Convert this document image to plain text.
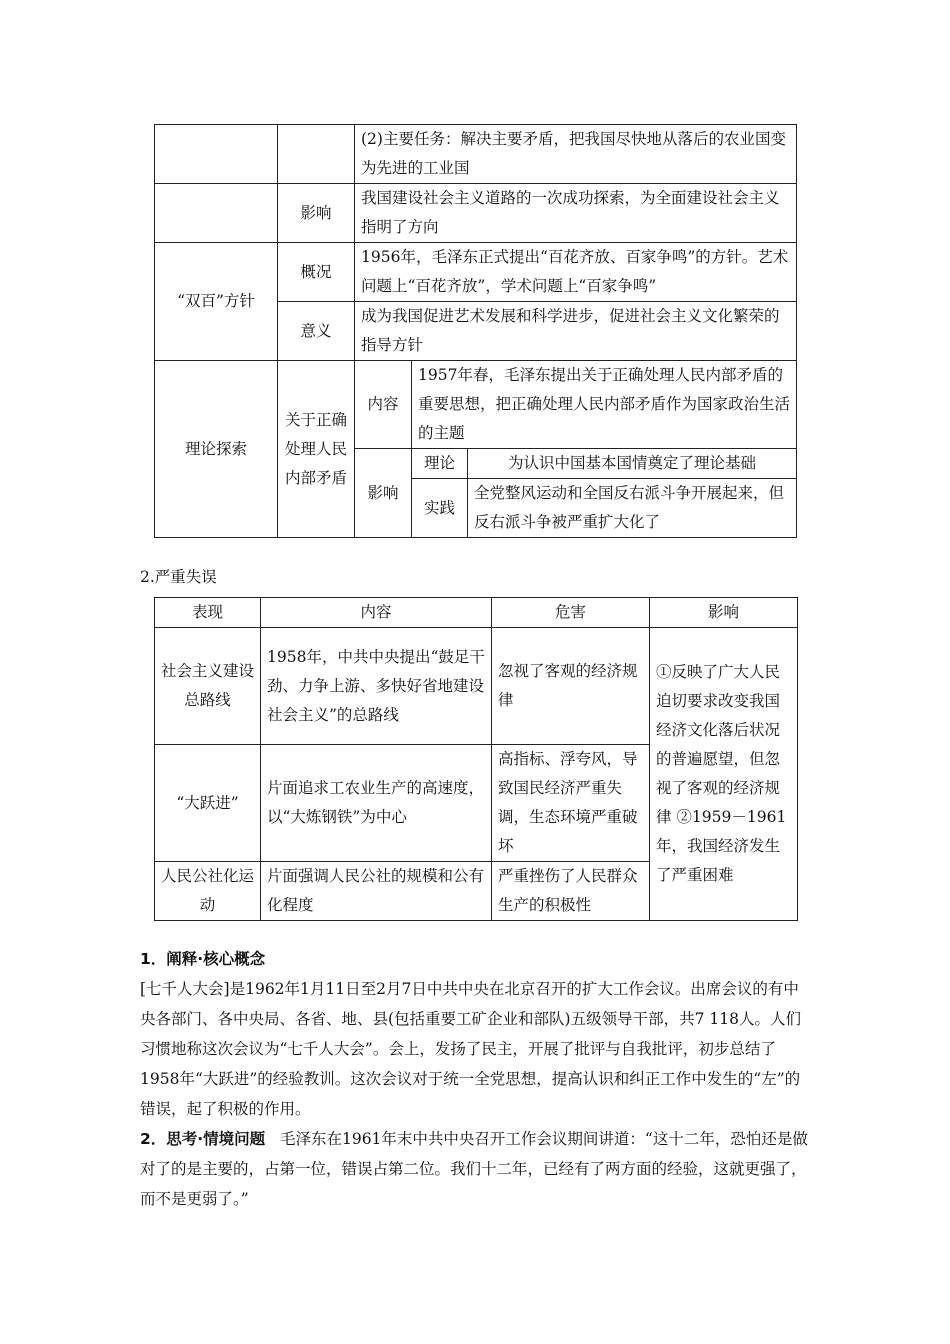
		(2)主要任务：解决主要矛盾，把我国尽快地从落后的农业国变为先进的工业国		
	影响	我国建设社会主义道路的一次成功探索，为全面建设社会主义指明了方向		
“双百”方针	概况	1956年，毛泽东正式提出“百花齐放、百家争鸣”的方针。艺术问题上“百花齐放”，学术问题上“百家争鸣”		
	意义	成为我国促进艺术发展和科学进步，促进社会主义文化繁荣的指导方针		
理论探索	关于正确处理人民内部矛盾	内容	1957年春，毛泽东提出关于正确处理人民内部矛盾的重要思想，把正确处理人民内部矛盾作为国家政治生活的主题	
		影响	理论	为认识中国基本国情奠定了理论基础
			实践	全党整风运动和全国反右派斗争开展起来，但反右派斗争被严重扩大化了
2.严重失误
表现	内容	危害	影响
社会主义建设总路线	1958年，中共中央提出“鼓足干劲、力争上游、多快好省地建设社会主义”的总路线	忽视了客观的经济规律	①反映了广大人民迫切要求改变我国经济文化落后状况的普遍愿望，但忽视了客观的经济规律 ②1959－1961年，我国经济发生了严重困难
“大跃进”	片面追求工农业生产的高速度，以“大炼钢铁”为中心	高指标、浮夸风，导致国民经济严重失调，生态环境严重破坏	
人民公社化运动	片面强调人民公社的规模和公有化程度	严重挫伤了人民群众生产的积极性	

1．阐释·核心概念

[七千人大会]是1962年1月11日至2月7日中共中央在北京召开的扩大工作会议。出席会议的有中央各部门、各中央局、各省、地、县(包括重要工矿企业和部队)五级领导干部，共7 118人。人们习惯地称这次会议为“七千人大会”。会上，发扬了民主，开展了批评与自我批评，初步总结了1958年“大跃进”的经验教训。这次会议对于统一全党思想，提高认识和纠正工作中发生的“左”的错误，起了积极的作用。

2．思考·情境问题 毛泽东在1961年末中共中央召开工作会议期间讲道：“这十二年，恐怕还是做对了的是主要的，占第一位，错误占第二位。我们十二年，已经有了两方面的经验，这就更强了，而不是更弱了。”
